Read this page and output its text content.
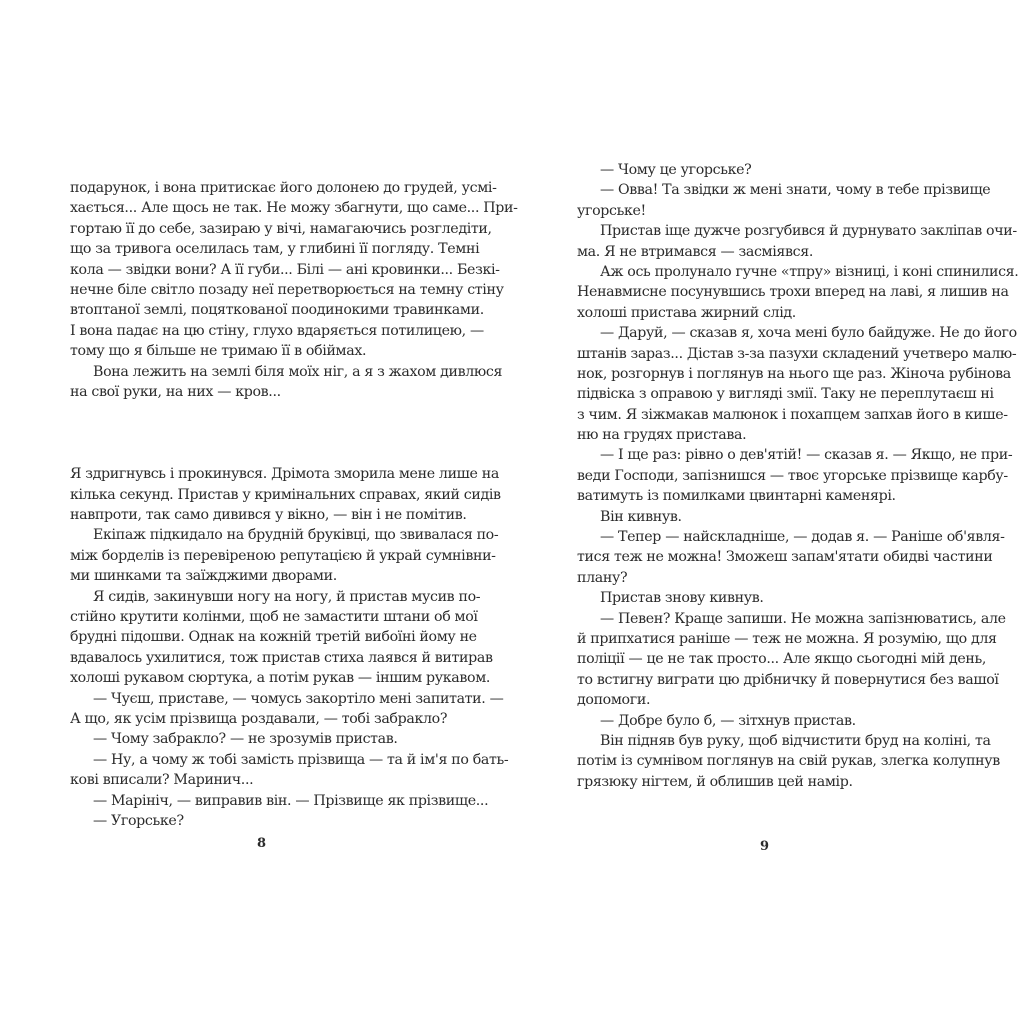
подарунок, і вона притискає його долонею до грудей, усмі-
хається... Але щось не так. Не можу збагнути, що саме... При-
гортаю її до себе, зазираю у вічі, намагаючись розгледіти,
що за тривога оселилась там, у глибині її погляду. Темні
кола — звідки вони? А її губи... Білі — ані кровинки... Безкі-
нечне біле світло позаду неї перетворюється на темну стіну
втоптаної землі, поцяткованої поодинокими травинками.
І вона падає на цю стіну, глухо вдаряється потилицею, —
тому що я більше не тримаю її в обіймах.
Вона лежить на землі біля моїх ніг, а я з жахом дивлюся
на свої руки, на них — кров...
Я здригнувсь і прокинувся. Дрімота зморила мене лише на
кілька секунд. Пристав у кримінальних справах, який сидів
навпроти, так само дивився у вікно, — він і не помітив.
Екіпаж підкидало на брудній бруківці, що звивалася по-
між борделів із перевіреною репутацією й украй сумнівни-
ми шинками та заїжджими дворами.
Я сидів, закинувши ногу на ногу, й пристав мусив по-
стійно крутити колінми, щоб не замастити штани об мої
брудні підошви. Однак на кожній третій вибоїні йому не
вдавалось ухилитися, тож пристав стиха лаявся й витирав
холоші рукавом сюртука, а потім рукав — іншим рукавом.
— Чуєш, приставе, — чомусь закортіло мені запитати. —
А що, як усім прізвища роздавали, — тобі забракло?
— Чому забракло? — не зрозумів пристав.
— Ну, а чому ж тобі замість прізвища — та й ім'я по бать-
кові вписали? Маринич...
— Марініч, — виправив він. — Прізвище як прізвище...
— Угорське?
— Чому це угорське?
— Овва! Та звідки ж мені знати, чому в тебе прізвище
угорське!
Пристав іще дужче розгубився й дурнувато закліпав очи-
ма. Я не втримався — засміявся.
Аж ось пролунало гучне «тпру» візниці, і коні спинилися.
Ненавмисне посунувшись трохи вперед на лаві, я лишив на
холоші пристава жирний слід.
— Даруй, — сказав я, хоча мені було байдуже. Не до його
штанів зараз... Дістав з-за пазухи складений учетверо малю-
нок, розгорнув і поглянув на нього ще раз. Жіноча рубінова
підвіска з оправою у вигляді змії. Таку не переплутаєш ні
з чим. Я зіжмакав малюнок і похапцем запхав його в кише-
ню на грудях пристава.
— І ще раз: рівно о дев'ятій! — сказав я. — Якщо, не при-
веди Господи, запізнишся — твоє угорське прізвище карбу-
ватимуть із помилками цвинтарні каменярі.
Він кивнув.
— Тепер — найскладніше, — додав я. — Раніше об'явля-
тися теж не можна! Зможеш запам'ятати обидві частини
плану?
Пристав знову кивнув.
— Певен? Краще запиши. Не можна запізнюватись, але
й припхатися раніше — теж не можна. Я розумію, що для
поліції — це не так просто... Але якщо сьогодні мій день,
то встигну виграти цю дрібничку й повернутися без вашої
допомоги.
— Добре було б, — зітхнув пристав.
Він підняв був руку, щоб відчистити бруд на коліні, та
потім із сумнівом поглянув на свій рукав, злегка колупнув
грязюку нігтем, й облишив цей намір.
8	9
